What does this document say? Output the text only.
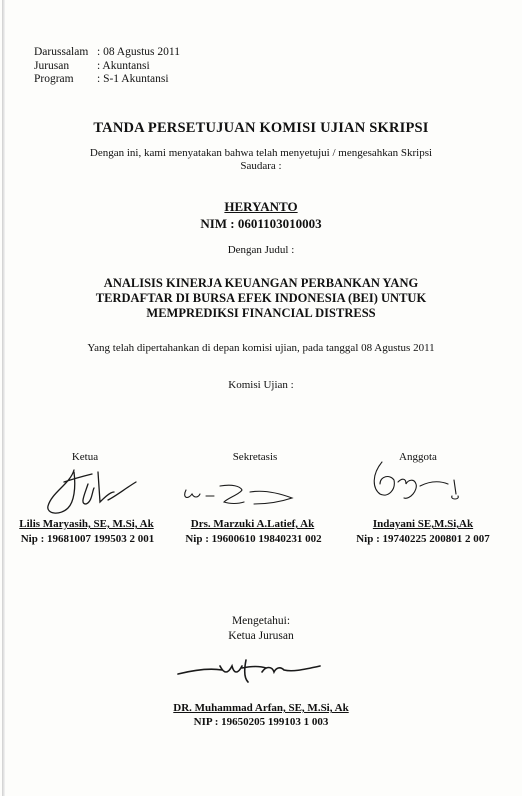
Darussalam : 08 Agustus 2011
Jurusan	: Akuntansi
Program	: S-1 Akuntansi
TANDA PERSETUJUAN KOMISI UJIAN SKRIPSI
Dengan ini, kami menyatakan bahwa telah menyetujui / mengesahkan Skripsi
Saudara :
HERYANTO
NIM : 0601103010003
Dengan Judul :
ANALISIS KINERJA KEUANGAN PERBANKAN YANG
TERDAFTAR DI BURSA EFEK INDONESIA (BEI) UNTUK
MEMPREDIKSI FINANCIAL DISTRESS
Yang telah dipertahankan di depan komisi ujian, pada tanggal 08 Agustus 2011
Komisi Ujian :
Ketua
Lilis Maryasih, SE, M.Si, Ak
Nip : 19681007 199503 2 001
Sekretasis
Drs. Marzuki A.Latief, Ak
Nip : 19600610 19840231 002
Anggota
Indayani SE,M.Si,Ak
Nip : 19740225 200801 2 007
Mengetahui:
Ketua Jurusan
DR. Muhammad Arfan, SE, M.Si, Ak
NIP : 19650205 199103 1 003
